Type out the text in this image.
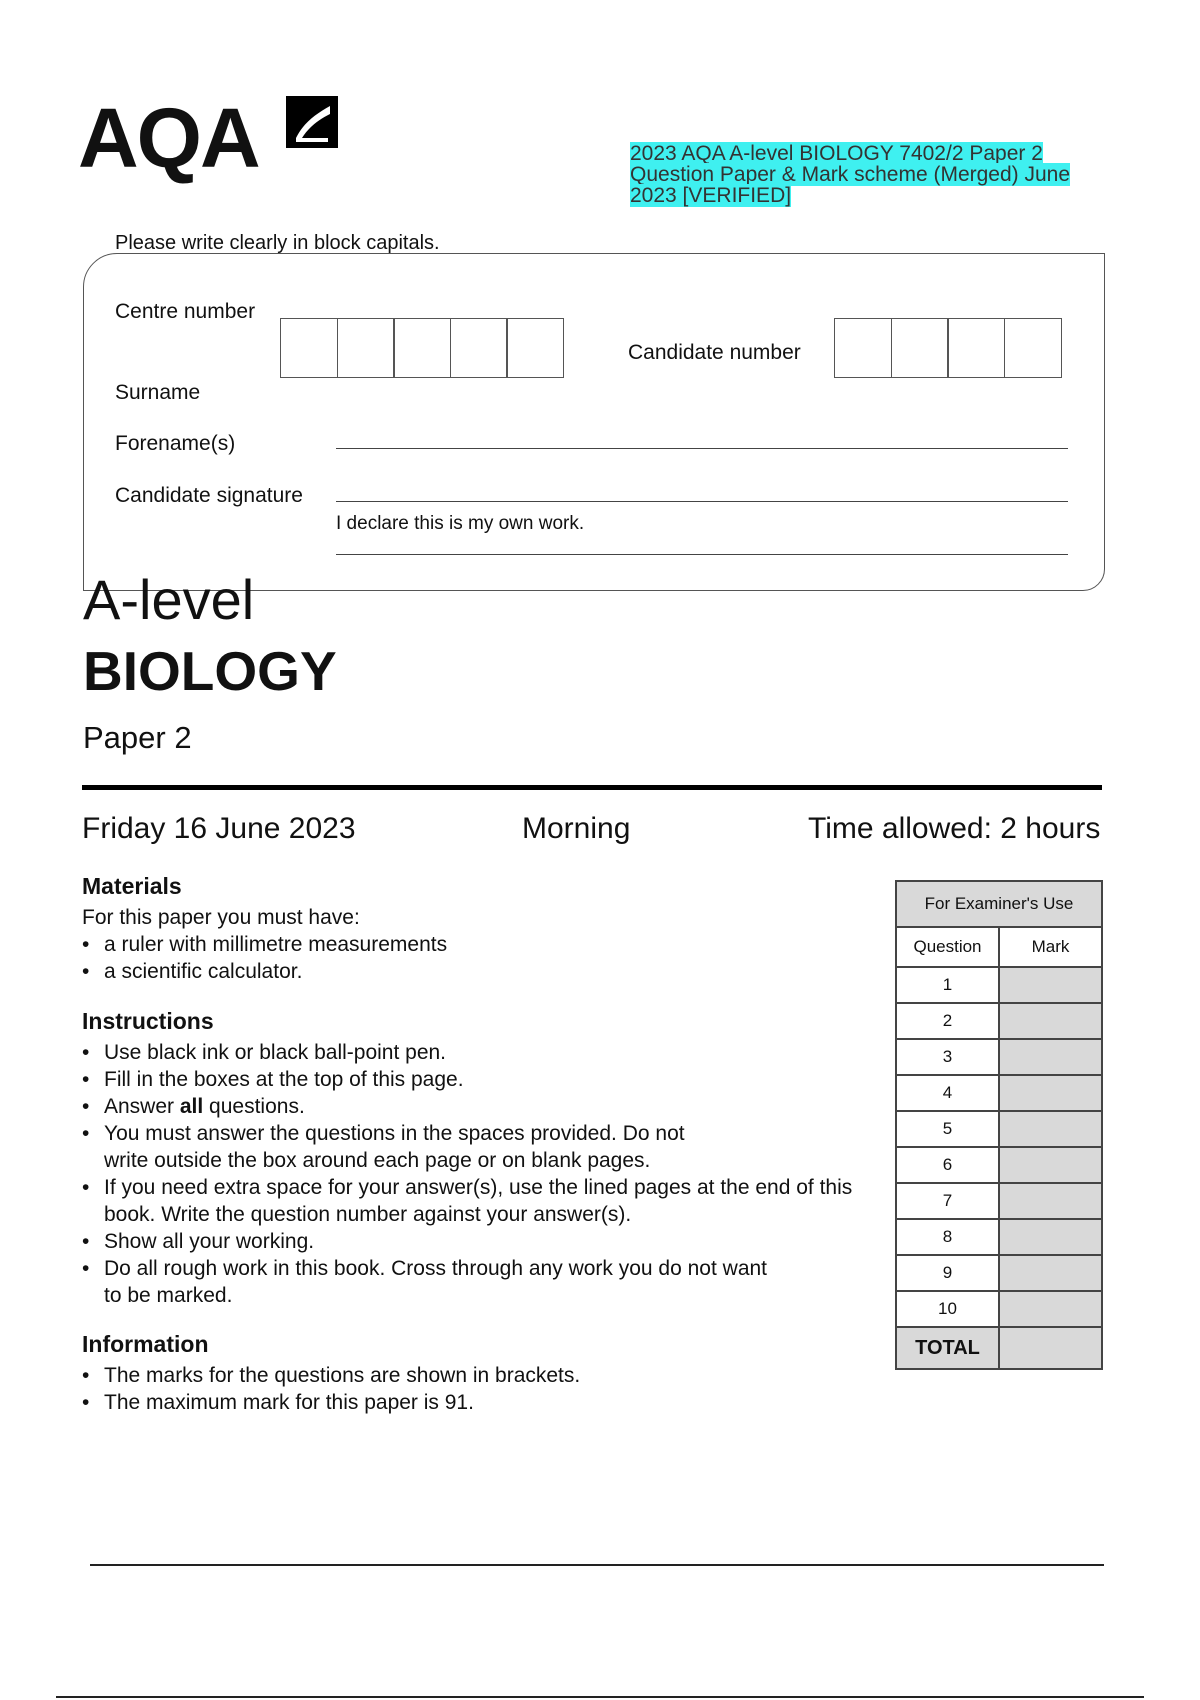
AQA	2023 AQA A-level BIOLOGY 7402/2 Paper 2 Question Paper & Mark scheme (Merged) June 2023 [VERIFIED]
Please write clearly in block capitals.
Centre number
Candidate number
Surname
Forename(s)
Candidate signature
I declare this is my own work.
A-level
BIOLOGY
Paper 2
Friday 16 June 2023	Morning	Time allowed: 2 hours
Materials
For this paper you must have:
• a ruler with millimetre measurements
• a scientific calculator.
Instructions
• Use black ink or black ball-point pen.
• Fill in the boxes at the top of this page.
• Answer all questions.
• You must answer the questions in the spaces provided. Do not write outside the box around each page or on blank pages.
• If you need extra space for your answer(s), use the lined pages at the end of this book. Write the question number against your answer(s).
• Show all your working.
• Do all rough work in this book. Cross through any work you do not want to be marked.
Information
• The marks for the questions are shown in brackets.
• The maximum mark for this paper is 91.
For Examiner's Use
Question	Mark
1
2
3
4
5
6
7
8
9
10
TOTAL
